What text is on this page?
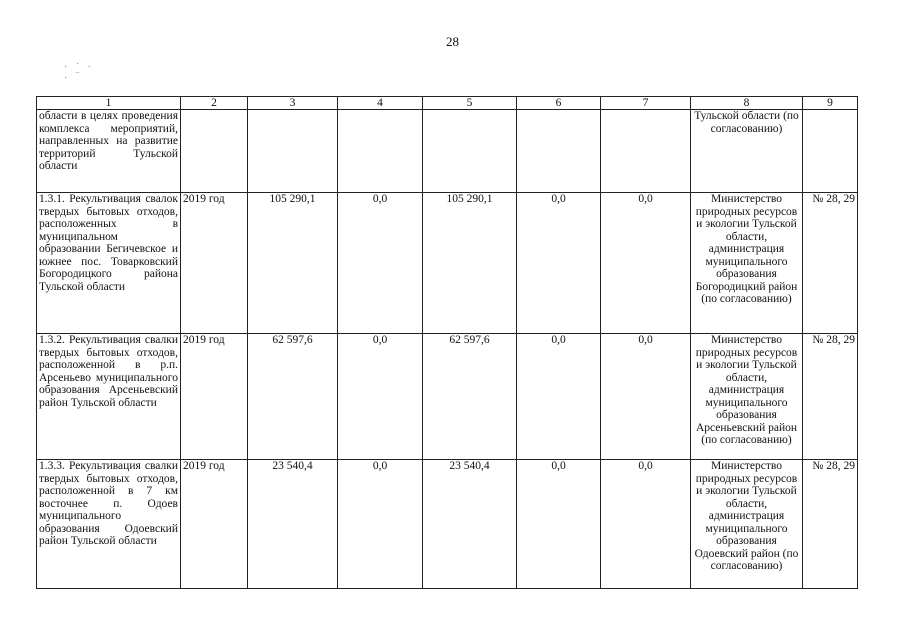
28
· ˙ ·
· ‾
1	2	3	4	5	6	7	8	9
области в целях проведения комплекса мероприятий, направленных на развитие территорий Тульской области							Тульской области (по согласованию)	
1.3.1. Рекультивация свалок твердых бытовых отходов, расположенных в муниципальном образовании Бегичевское и южнее пос. Товарковский Богородицкого района Тульской области	2019 год	105 290,1	0,0	105 290,1	0,0	0,0	Министерство природных ресурсов и экологии Тульской области, администрация муниципального образования Богородицкий район (по согласованию)	№ 28, 29
1.3.2. Рекультивация свалки твердых бытовых отходов, расположенной в р.п. Арсеньево муниципального образования Арсеньевский район Тульской области	2019 год	62 597,6	0,0	62 597,6	0,0	0,0	Министерство природных ресурсов и экологии Тульской области, администрация муниципального образования Арсеньевский район (по согласованию)	№ 28, 29
1.3.3. Рекультивация свалки твердых бытовых отходов, расположенной в 7 км восточнее п. Одоев муниципального образования Одоевский район Тульской области	2019 год	23 540,4	0,0	23 540,4	0,0	0,0	Министерство природных ресурсов и экологии Тульской области, администрация муниципального образования Одоевский район (по согласованию)	№ 28, 29
